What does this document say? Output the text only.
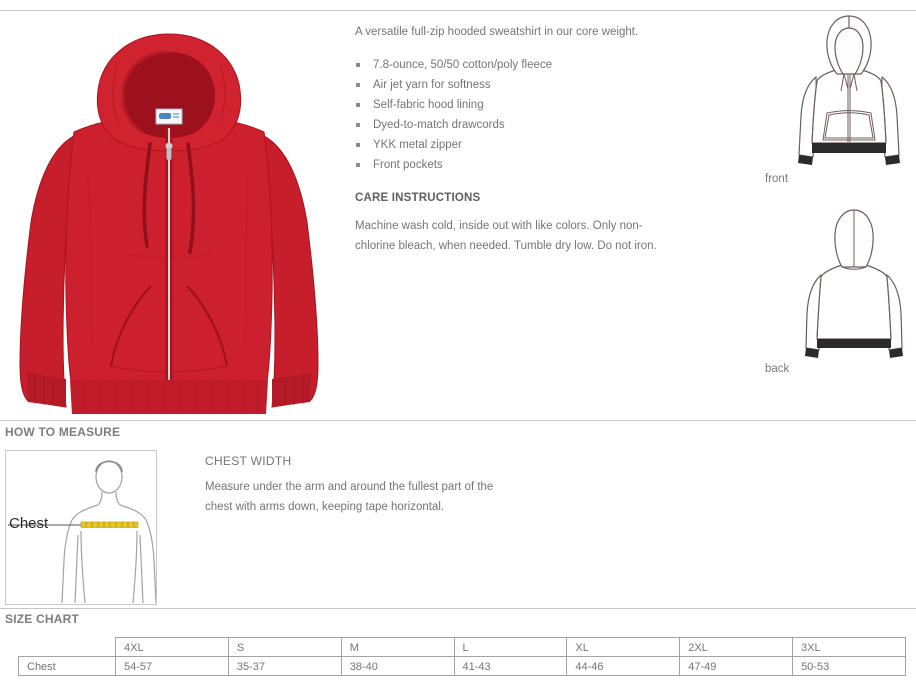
A versatile full-zip hooded sweatshirt in our core weight.

7.8-ounce, 50/50 cotton/poly fleece
Air jet yarn for softness
Self-fabric hood lining
Dyed-to-match drawcords
YKK metal zipper
Front pockets
CARE INSTRUCTIONS

Machine wash cold, inside out with like colors. Only non-chlorine bleach, when needed. Tumble dry low. Do not iron.

front
back
HOW TO MEASURE
Chest
CHEST WIDTH

Measure under the arm and around the fullest part of the chest with arms down, keeping tape horizontal.

SIZE CHART
	4XL	S	M	L	XL	2XL	3XL
Chest	54-57	35-37	38-40	41-43	44-46	47-49	50-53
